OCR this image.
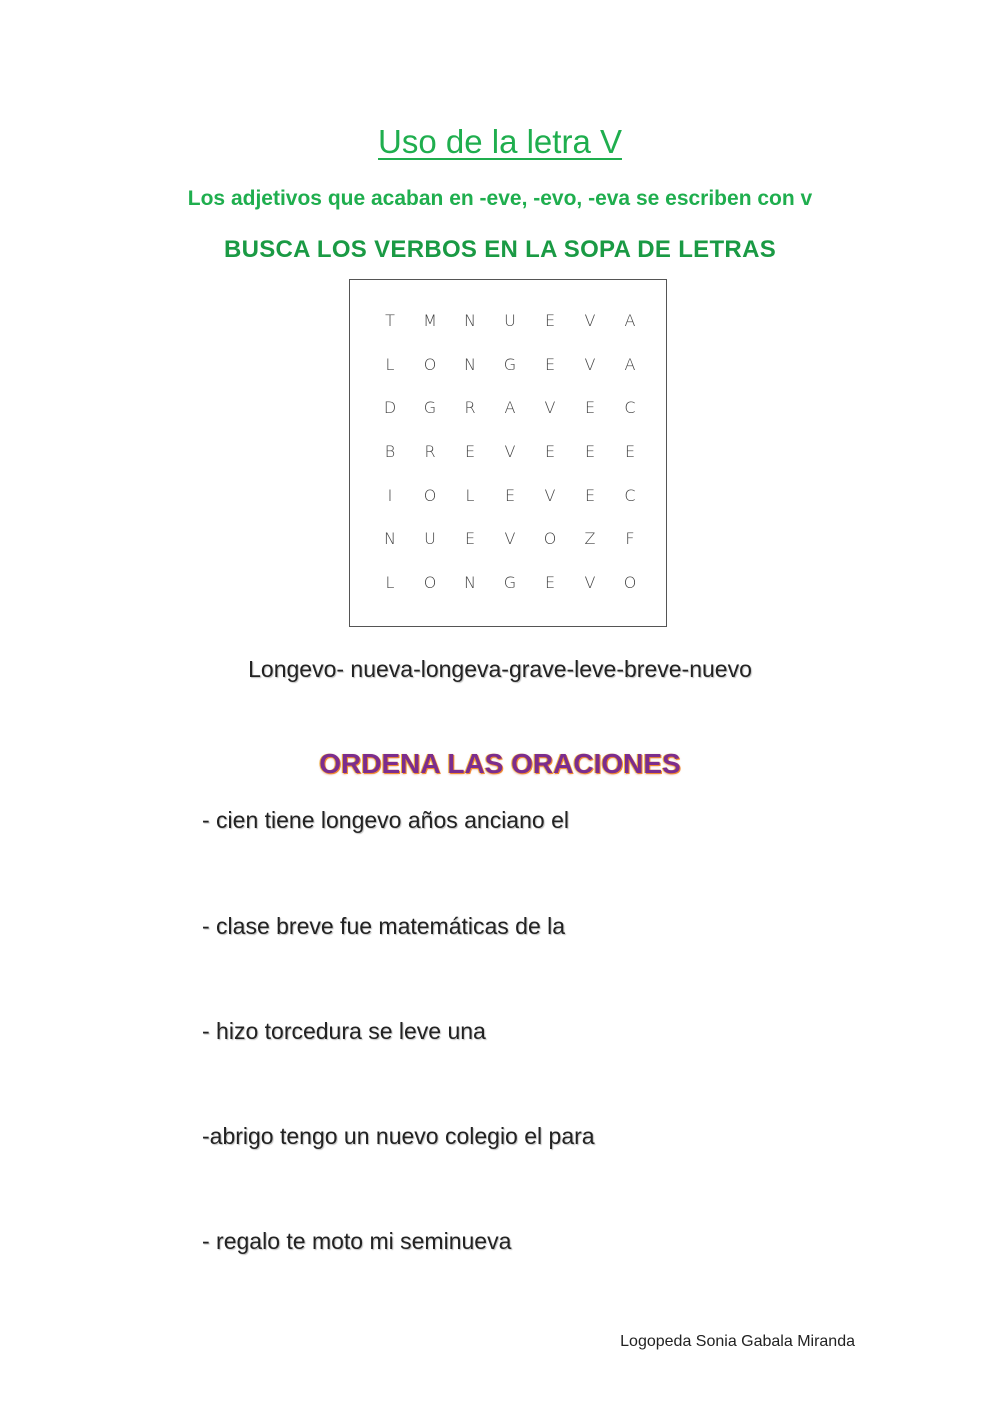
Uso de la letra V
Los adjetivos que acaban en -eve, -evo, -eva se escriben con v
BUSCA LOS VERBOS EN LA SOPA DE LETRAS
T	M	N	U	E	V	A
L	O	N	G	E	V	A
D	G	R	A	V	E	C
B	R	E	V	E	E	E
I	O	L	E	V	E	C
N	U	E	V	O	Z	F
L	O	N	G	E	V	O
Longevo- nueva-longeva-grave-leve-breve-nuevo
ORDENA LAS ORACIONES
- cien tiene longevo años anciano el
- clase breve fue matemáticas de la
- hizo torcedura se leve una
-abrigo tengo un nuevo colegio el para
- regalo te moto mi seminueva
Logopeda Sonia Gabala Miranda
